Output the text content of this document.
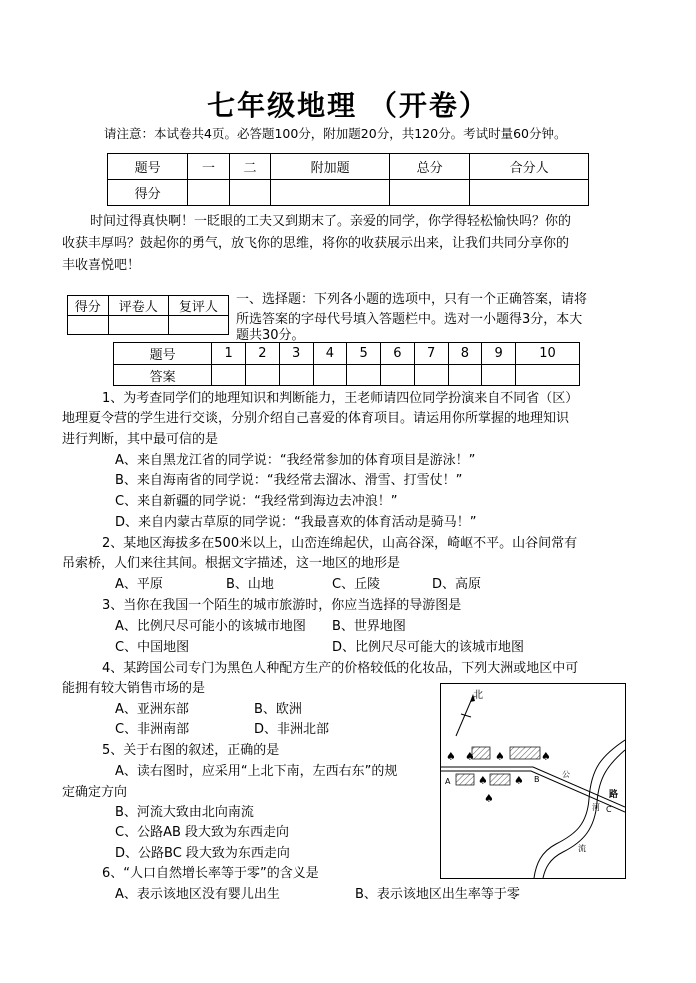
七年级地理 （开卷）
请注意：本试卷共4页。必答题100分，附加题20分，共120分。考试时量60分钟。
题号	一	二	附加题	总分	合分人
得分					
时间过得真快啊！一眨眼的工夫又到期末了。亲爱的同学，你学得轻松愉快吗？你的
收获丰厚吗？鼓起你的勇气，放飞你的思维，将你的收获展示出来，让我们共同分享你的
丰收喜悦吧！
得分	评卷人	复评人

一、选择题：下列各小题的选项中，只有一个正确答案，请将
所选答案的字母代号填入答题栏中。选对一小题得3分，本大
题共30分。
题号	1	2	3	4	5	6	7	8	9	10
答案										
1、为考查同学们的地理知识和判断能力，王老师请四位同学扮演来自不同省（区）
地理夏令营的学生进行交谈，分别介绍自己喜爱的体育项目。请运用你所掌握的地理知识
进行判断，其中最可信的是
A、来自黑龙江省的同学说：“我经常参加的体育项目是游泳！”
B、来自海南省的同学说：“我经常去溜冰、滑雪、打雪仗！”
C、来自新疆的同学说：“我经常到海边去冲浪！”
D、来自内蒙古草原的同学说：“我最喜欢的体育活动是骑马！”
2、某地区海拔多在500米以上，山峦连绵起伏，山高谷深，崎岖不平。山谷间常有
吊索桥，人们来往其间。根据文字描述，这一地区的地形是
A、平原	B、山地	C、丘陵	D、高原
3、当你在我国一个陌生的城市旅游时，你应当选择的导游图是
A、比例尺尽可能小的该城市地图 B、世界地图
C、中国地图	D、比例尺尽可能大的该城市地图
4、某跨国公司专门为黑色人种配方生产的价格较低的化妆品，下列大洲或地区中可
能拥有较大销售市场的是
A、亚洲东部	B、欧洲
C、非洲南部	D、非洲北部
5、关于右图的叙述，正确的是
A、读右图时，应采用“上北下南，左西右东”的规
定确定方向
B、河流大致由北向南流
C、公路AB 段大致为东西走向
D、公路BC 段大致为东西走向
6、“人口自然增长率等于零”的含义是
A、表示该地区没有婴儿出生	B、表示该地区出生率等于零
北
♠ ♠ ♠	♠
♠ ♠
♠
A	B
C
公
路
河
流
